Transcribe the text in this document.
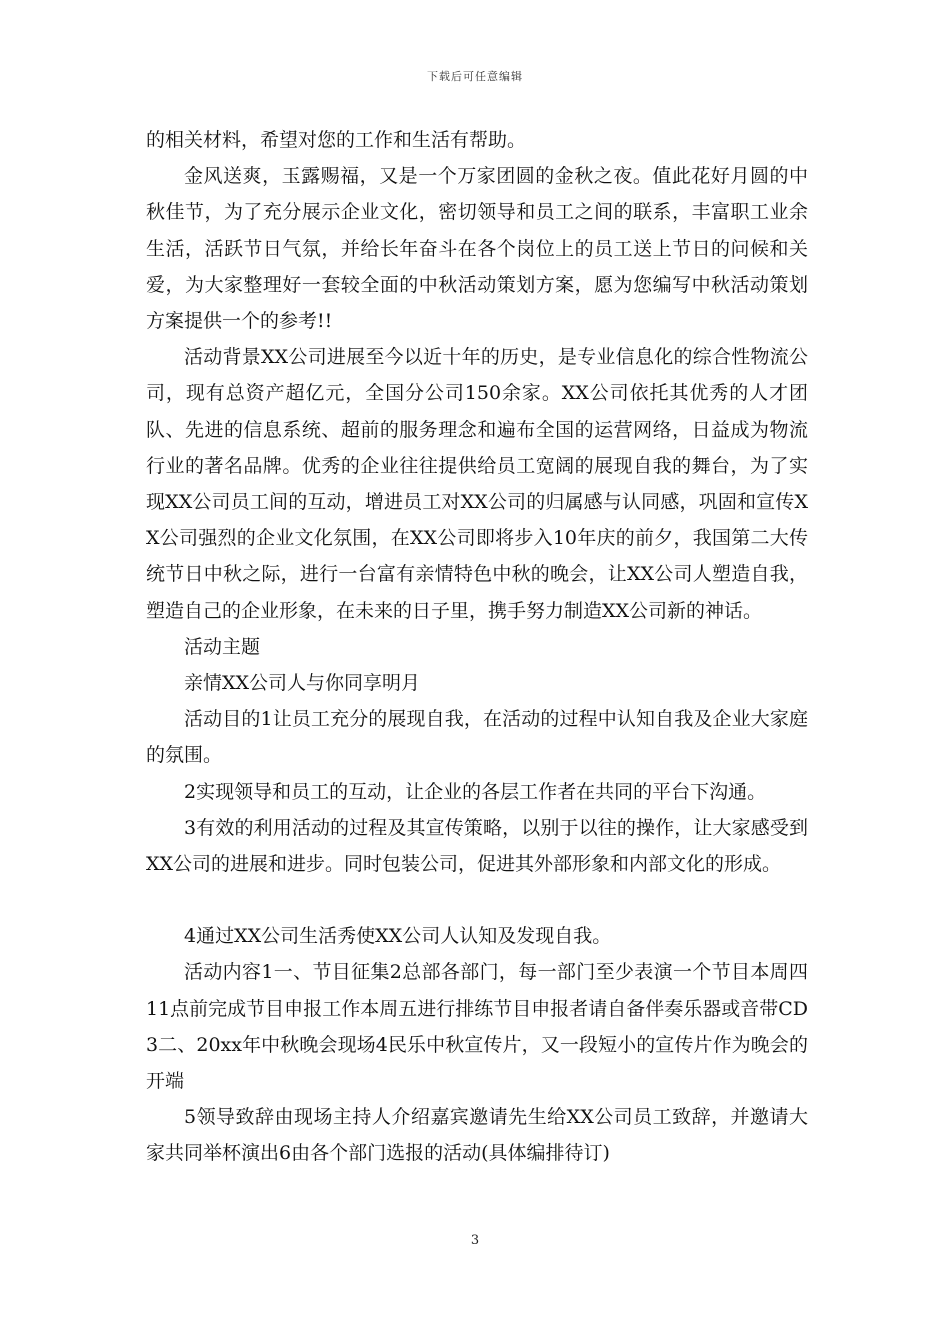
下载后可任意编辑

的相关材料，希望对您的工作和生活有帮助。

金风送爽，玉露赐福，又是一个万家团圆的金秋之夜。值此花好月圆的中秋佳节，为了充分展示企业文化，密切领导和员工之间的联系，丰富职工业余生活，活跃节日气氛，并给长年奋斗在各个岗位上的员工送上节日的问候和关爱，为大家整理好一套较全面的中秋活动策划方案，愿为您编写中秋活动策划方案提供一个的参考!!

活动背景XX公司进展至今以近十年的历史，是专业信息化的综合性物流公司，现有总资产超亿元，全国分公司150余家。XX公司依托其优秀的人才团队、先进的信息系统、超前的服务理念和遍布全国的运营网络，日益成为物流行业的著名品牌。优秀的企业往往提供给员工宽阔的展现自我的舞台，为了实现XX公司员工间的互动，增进员工对XX公司的归属感与认同感，巩固和宣传XX公司强烈的企业文化氛围，在XX公司即将步入10年庆的前夕，我国第二大传统节日中秋之际，进行一台富有亲情特色中秋的晚会，让XX公司人塑造自我，塑造自己的企业形象，在未来的日子里，携手努力制造XX公司新的神话。

活动主题

亲情XX公司人与你同享明月

活动目的1让员工充分的展现自我，在活动的过程中认知自我及企业大家庭的氛围。

2实现领导和员工的互动，让企业的各层工作者在共同的平台下沟通。

3有效的利用活动的过程及其宣传策略，以别于以往的操作，让大家感受到XX公司的进展和进步。同时包装公司，促进其外部形象和内部文化的形成。

4通过XX公司生活秀使XX公司人认知及发现自我。

活动内容1一、节目征集2总部各部门，每一部门至少表演一个节目本周四11点前完成节目申报工作本周五进行排练节目申报者请自备伴奏乐器或音带CD3二、20xx年中秋晚会现场4民乐中秋宣传片，又一段短小的宣传片作为晚会的开端

5领导致辞由现场主持人介绍嘉宾邀请先生给XX公司员工致辞，并邀请大家共同举杯演出6由各个部门选报的活动(具体编排待订)

3
